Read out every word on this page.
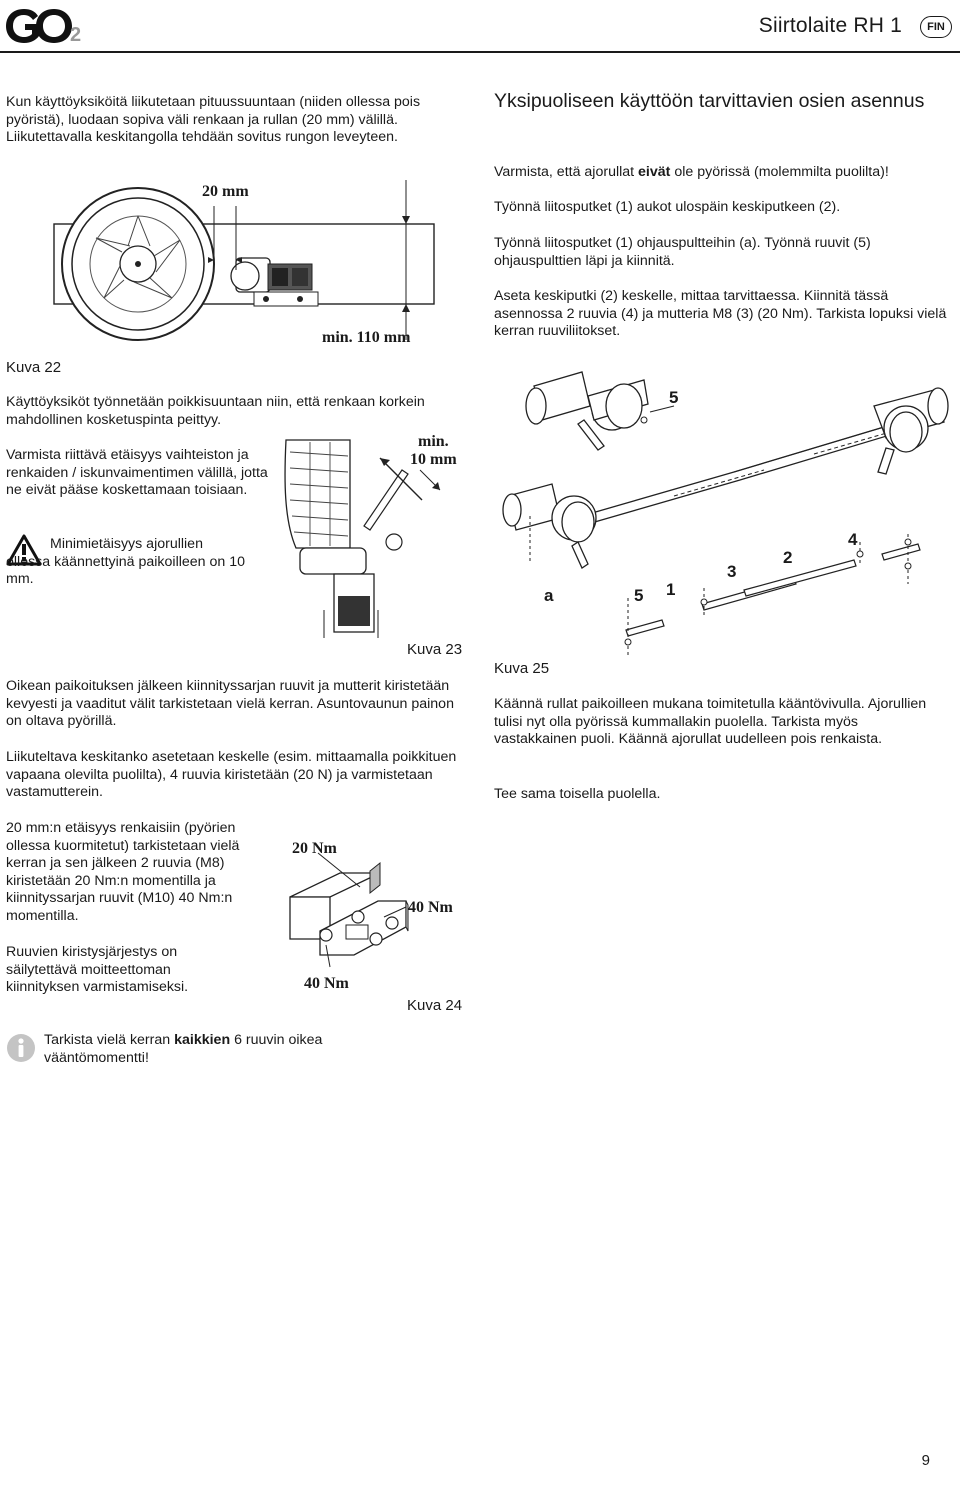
2	Siirtolaite RH 1	FIN
Kun käyttöyksiköitä liikutetaan pituussuuntaan (niiden ollessa pois pyöristä), luodaan sopiva väli renkaan ja rullan (20 mm) välillä. Liikutettavalla keskitangolla tehdään sovitus rungon leveyteen.
20 mm
min. 110 mm
Kuva 22
Käyttöyksiköt työnnetään poikkisuuntaan niin, että renkaan korkein mahdollinen kosketuspinta peittyy.
Varmista riittävä etäisyys vaihteiston ja renkaiden / iskunvaimentimen välillä, jotta ne eivät pääse koskettamaan toisiaan.
min.
10 mm
Kuva 23
Minimietäisyys ajorullien ollessa käännettyinä paikoilleen on 10 mm.
Oikean paikoituksen jälkeen kiinnityssarjan ruuvit ja mutterit kiristetään kevyesti ja vaaditut välit tarkistetaan vielä kerran. Asuntovaunun painon on oltava pyörillä.
Liikuteltava keskitanko asetetaan keskelle (esim. mittaamalla poikkituen vapaana olevilta puolilta), 4 ruuvia kiristetään (20 N) ja varmistetaan vastamutterein.
20 mm:n etäisyys renkaisiin (pyörien ollessa kuormitetut) tarkistetaan vielä kerran ja sen jälkeen 2 ruuvia (M8) kiristetään 20 Nm:n momentilla ja kiinnityssarjan ruuvit (M10) 40 Nm:n momentilla.
Ruuvien kiristysjärjestys on säilytettävä moitteettoman kiinnityksen varmistamiseksi.
20 Nm
40 Nm
40 Nm
Kuva 24
Tarkista vielä kerran kaikkien 6 ruuvin oikea vääntömomentti!
Yksipuoliseen käyttöön tarvittavien osien asennus
Varmista, että ajorullat eivät ole pyörissä (molemmilta puolilta)!
Työnnä liitosputket (1) aukot ulospäin keskiputkeen (2).
Työnnä liitosputket (1) ohjauspultteihin (a). Työnnä ruuvit (5) ohjauspulttien läpi ja kiinnitä.
Aseta keskiputki (2) keskelle, mittaa tarvittaessa. Kiinnitä tässä asennossa 2 ruuvia (4) ja mutteria M8 (3) (20 Nm). Tarkista lopuksi vielä kerran ruuviliitokset.
5
4
2
3
1
5
a
Kuva 25
Käännä rullat paikoilleen mukana toimitetulla kääntövivulla. Ajorullien tulisi nyt olla pyörissä kummallakin puolella. Tarkista myös vastakkainen puoli. Käännä ajorullat uudelleen pois renkaista.
Tee sama toisella puolella.
9
